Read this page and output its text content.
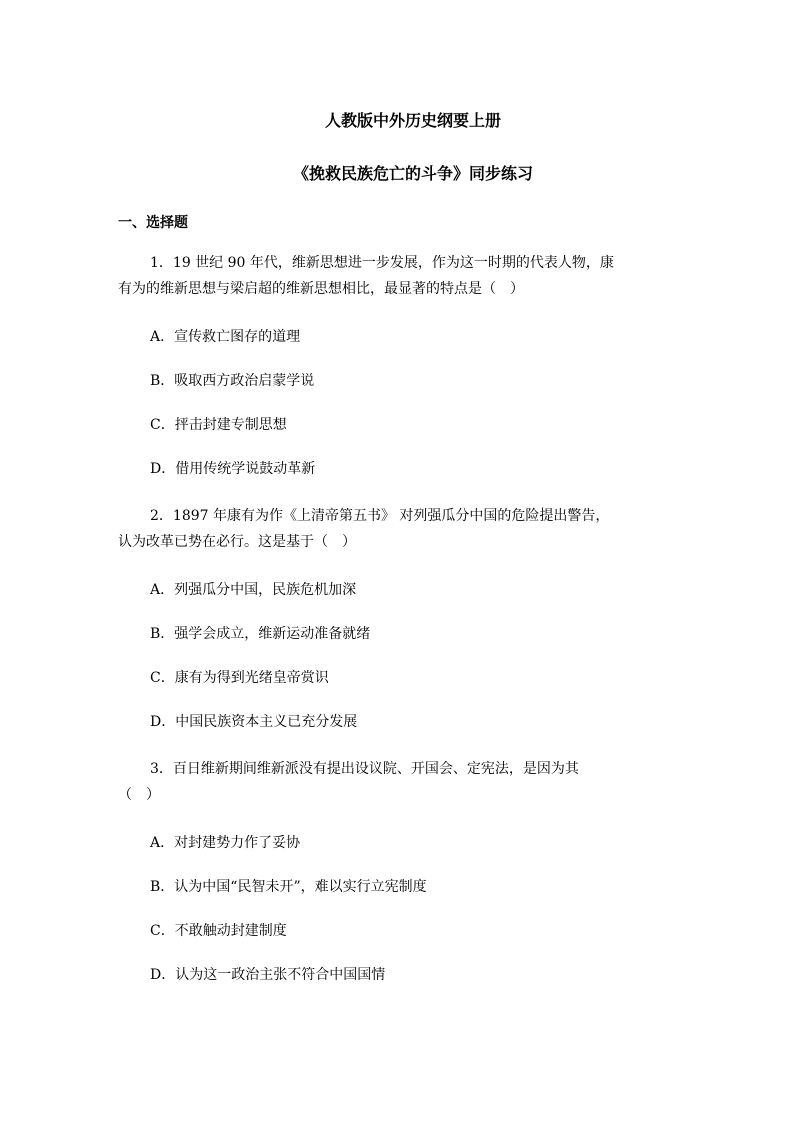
人教版中外历史纲要上册
《挽救民族危亡的斗争》同步练习
一、选择题
1．19 世纪 90 年代，维新思想进一步发展，作为这一时期的代表人物，康
有为的维新思想与梁启超的维新思想相比，最显著的特点是（　）
A．宣传救亡图存的道理
B．吸取西方政治启蒙学说
C．抨击封建专制思想
D．借用传统学说鼓动革新
2．1897 年康有为作《上清帝第五书》 对列强瓜分中国的危险提出警告，
认为改革已势在必行。这是基于（　）
A．列强瓜分中国，民族危机加深
B．强学会成立，维新运动准备就绪
C．康有为得到光绪皇帝赏识
D．中国民族资本主义已充分发展
3．百日维新期间维新派没有提出设议院、开国会、定宪法，是因为其
（　）
A．对封建势力作了妥协
B．认为中国“民智未开”，难以实行立宪制度
C．不敢触动封建制度
D．认为这一政治主张不符合中国国情
